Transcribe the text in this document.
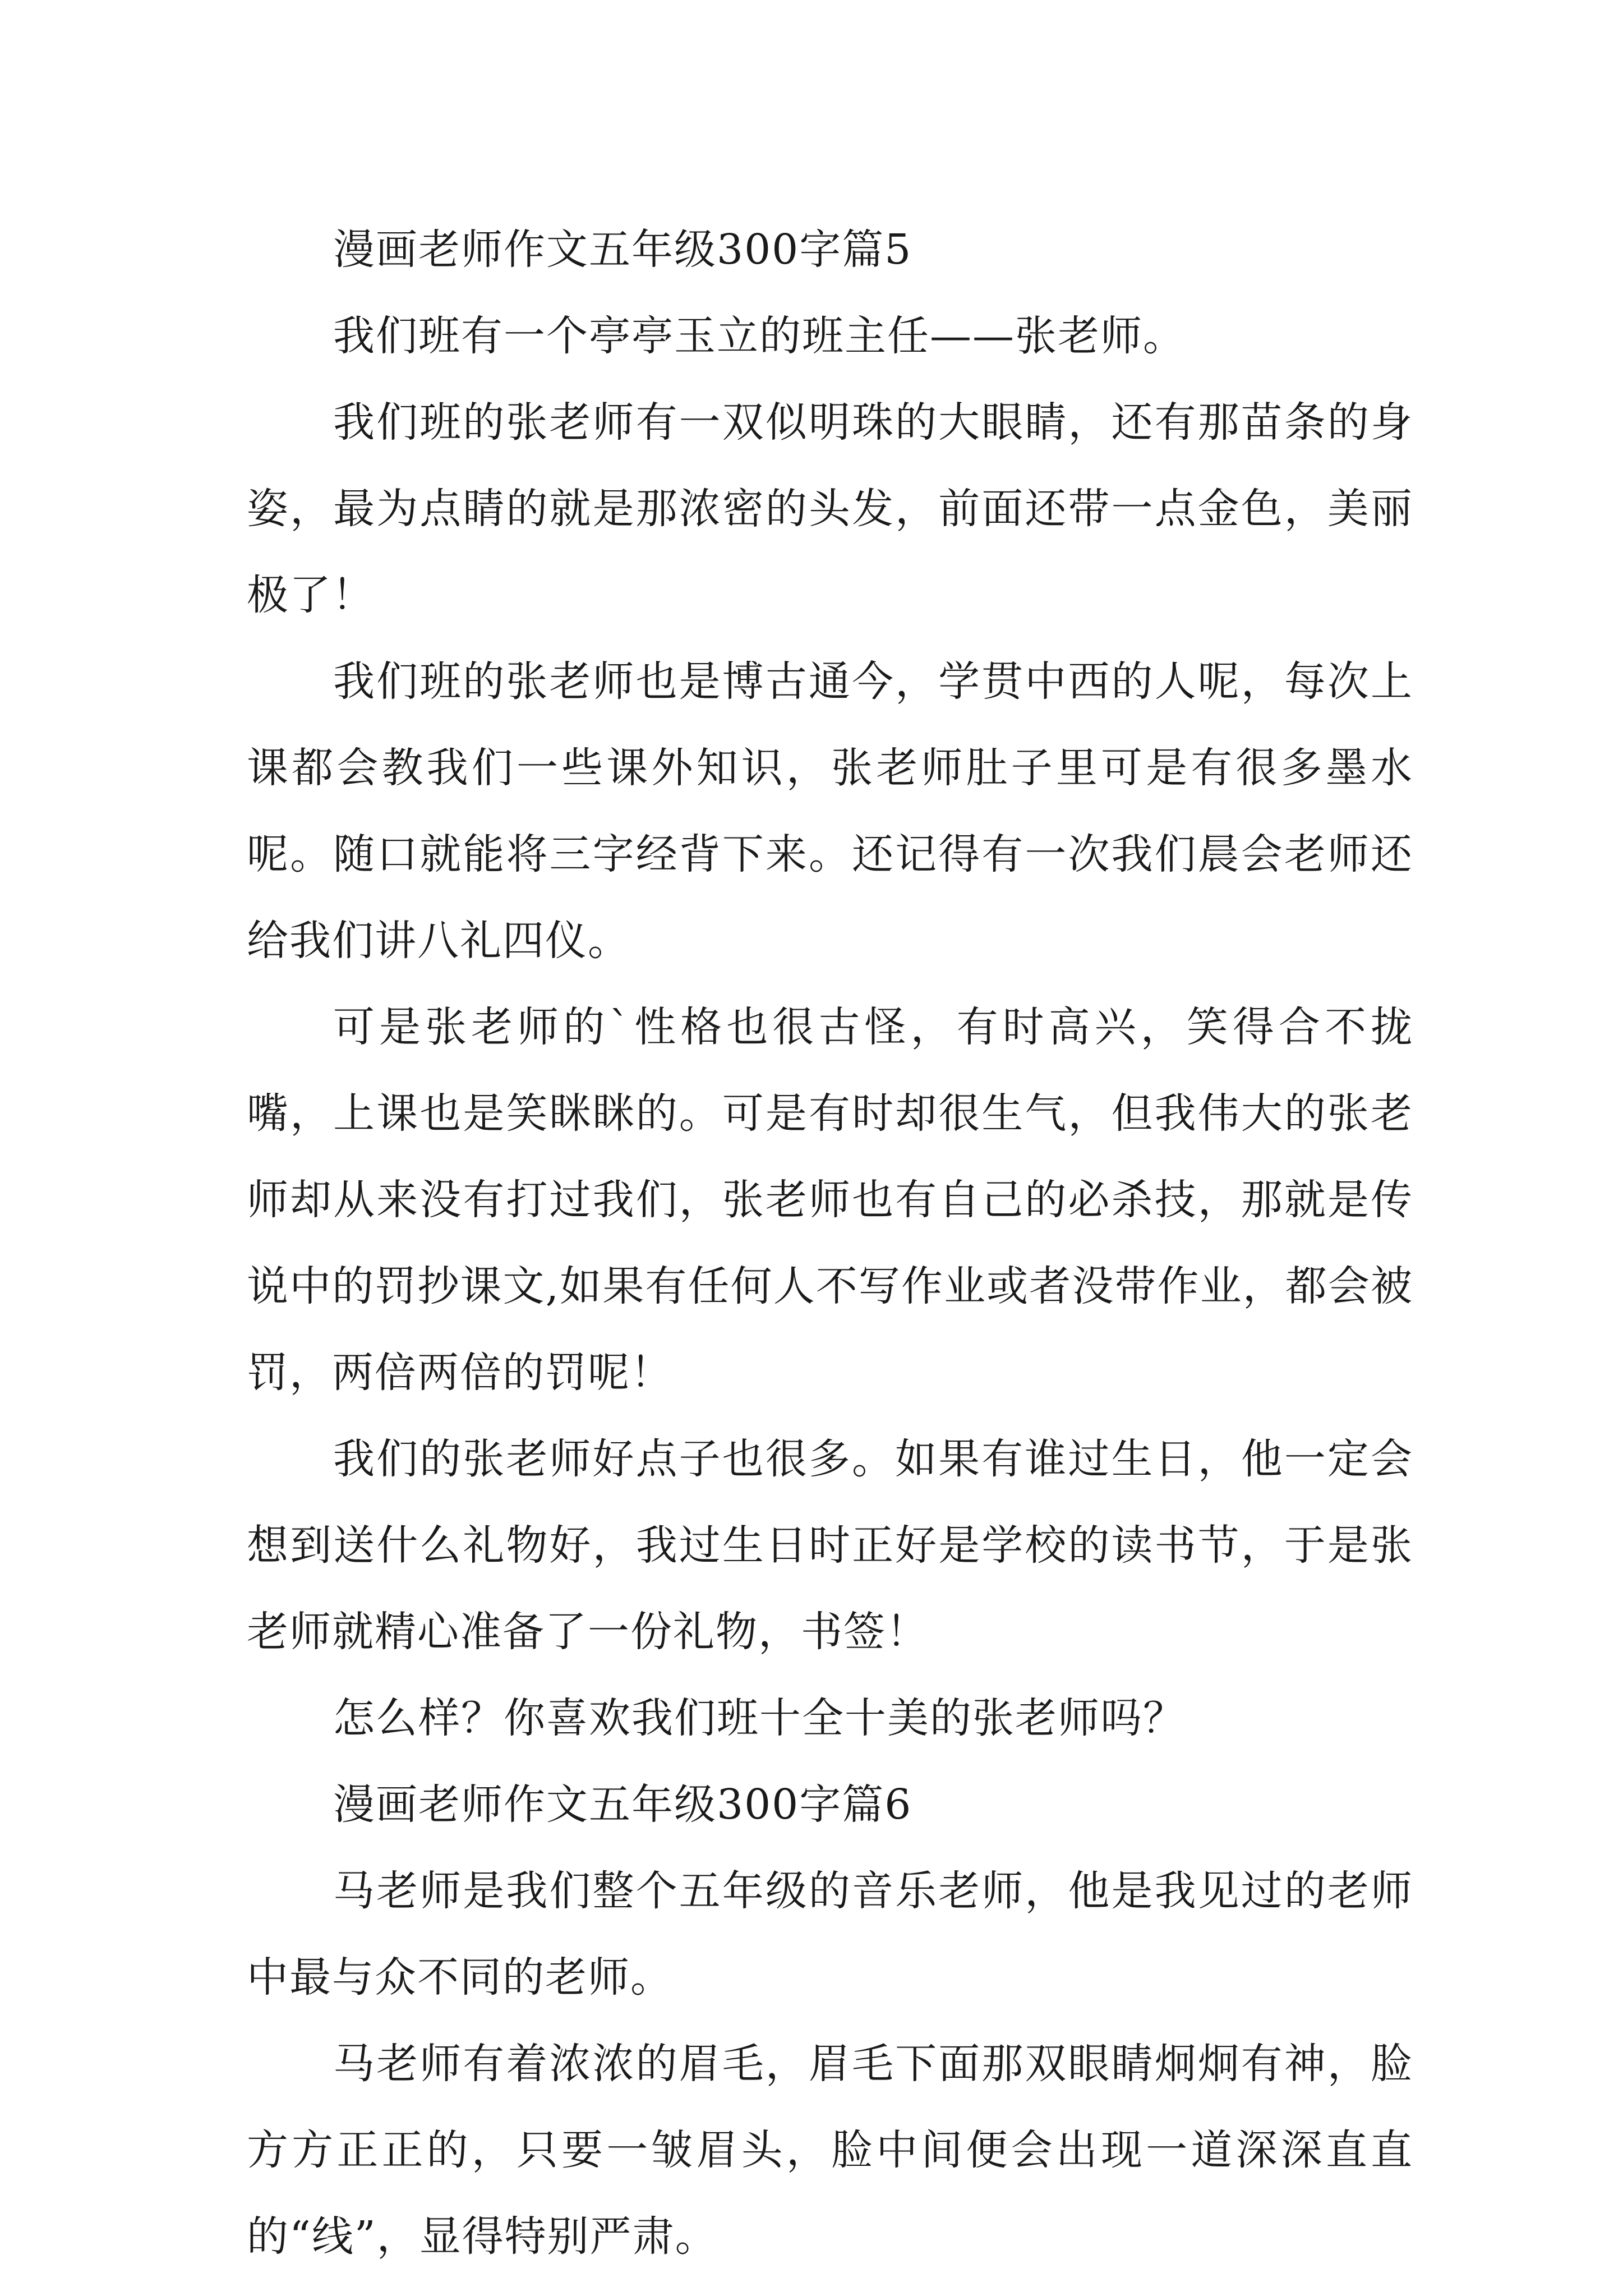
漫画老师作文五年级300字篇5

我们班有一个亭亭玉立的班主任——张老师。

我们班的张老师有一双似明珠的大眼睛，还有那苗条的身姿，最为点睛的就是那浓密的头发，前面还带一点金色，美丽极了！

我们班的张老师也是博古通今，学贯中西的人呢，每次上课都会教我们一些课外知识，张老师肚子里可是有很多墨水呢。随口就能将三字经背下来。还记得有一次我们晨会老师还给我们讲八礼四仪。

可是张老师的`性格也很古怪，有时高兴，笑得合不拢嘴，上课也是笑眯眯的。可是有时却很生气，但我伟大的张老师却从来没有打过我们，张老师也有自己的必杀技，那就是传说中的罚抄课文,如果有任何人不写作业或者没带作业，都会被罚，两倍两倍的罚呢！

我们的张老师好点子也很多。如果有谁过生日，他一定会想到送什么礼物好，我过生日时正好是学校的读书节，于是张老师就精心准备了一份礼物，书签！

怎么样？你喜欢我们班十全十美的张老师吗？

漫画老师作文五年级300字篇6

马老师是我们整个五年级的音乐老师，他是我见过的老师中最与众不同的老师。

马老师有着浓浓的眉毛，眉毛下面那双眼睛炯炯有神，脸方方正正的，只要一皱眉头，脸中间便会出现一道深深直直的“线”，显得特别严肃。
